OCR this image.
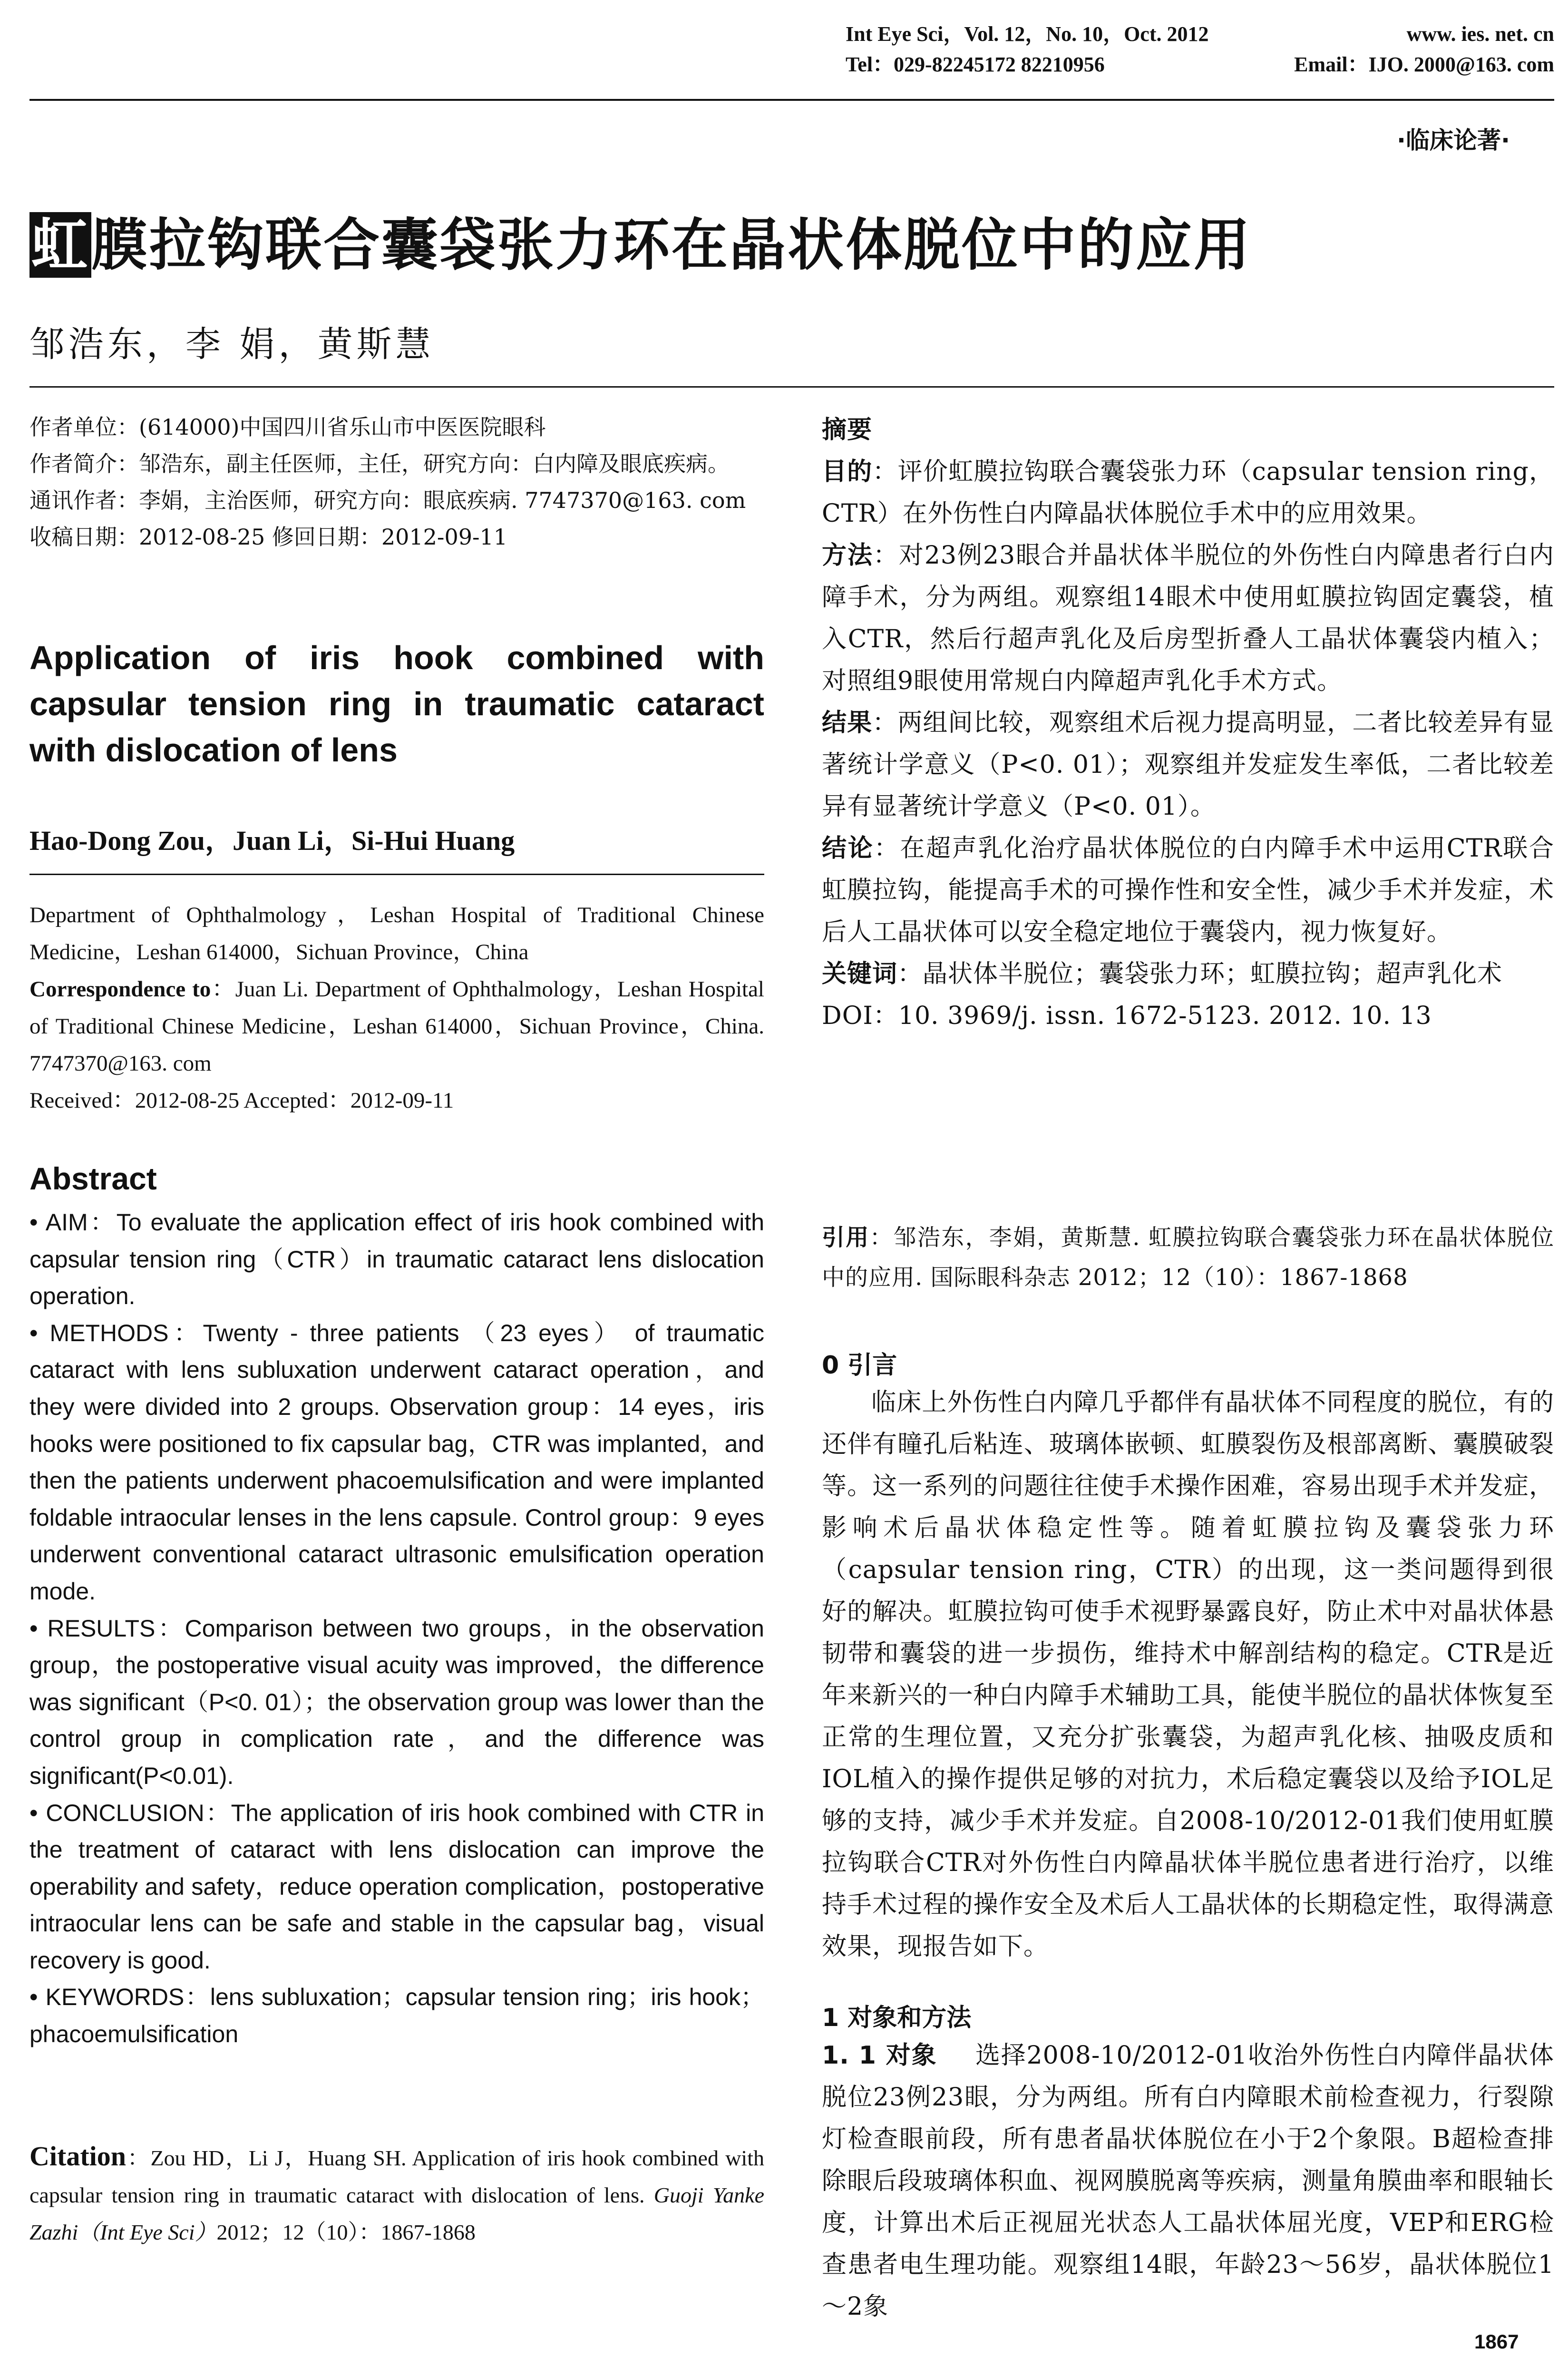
Int Eye Sci，Vol. 12，No. 10，Oct. 2012	www. ies. net. cn
Tel：029-82245172 82210956	Email：IJO. 2000@163. com
·临床论著·
虹膜拉钩联合囊袋张力环在晶状体脱位中的应用
邹浩东，李 娟，黄斯慧

作者单位：(614000)中国四川省乐山市中医医院眼科

作者简介：邹浩东，副主任医师，主任，研究方向：白内障及眼底疾病。

通讯作者：李娟，主治医师，研究方向：眼底疾病. 7747370@163. com

收稿日期：2012-08-25 修回日期：2012-09-11

Application of iris hook combined with capsular tension ring in traumatic cataract with dislocation of lens
Hao-Dong Zou，Juan Li，Si-Hui Huang

Department of Ophthalmology，Leshan Hospital of Traditional Chinese Medicine，Leshan 614000，Sichuan Province，China

Correspondence to：Juan Li. Department of Ophthalmology，Leshan Hospital of Traditional Chinese Medicine，Leshan 614000，Sichuan Province，China. 7747370@163. com

Received：2012-08-25 Accepted：2012-09-11

Abstract

• AIM：To evaluate the application effect of iris hook combined with capsular tension ring（CTR）in traumatic cataract lens dislocation operation.

• METHODS：Twenty - three patients （23 eyes） of traumatic cataract with lens subluxation underwent cataract operation，and they were divided into 2 groups. Observation group：14 eyes，iris hooks were positioned to fix capsular bag，CTR was implanted，and then the patients underwent phacoemulsification and were implanted foldable intraocular lenses in the lens capsule. Control group：9 eyes underwent conventional cataract ultrasonic emulsification operation mode.

• RESULTS：Comparison between two groups，in the observation group，the postoperative visual acuity was improved，the difference was significant（P<0. 01）；the observation group was lower than the control group in complication rate，and the difference was significant(P<0.01).

• CONCLUSION：The application of iris hook combined with CTR in the treatment of cataract with lens dislocation can improve the operability and safety，reduce operation complication，postoperative intraocular lens can be safe and stable in the capsular bag，visual recovery is good.

• KEYWORDS：lens subluxation；capsular tension ring；iris hook；phacoemulsification

Citation：Zou HD，Li J，Huang SH. Application of iris hook combined with capsular tension ring in traumatic cataract with dislocation of lens. Guoji Yanke Zazhi（Int Eye Sci）2012；12（10）：1867-1868

摘要

目的：评价虹膜拉钩联合囊袋张力环（capsular tension ring，CTR）在外伤性白内障晶状体脱位手术中的应用效果。

方法：对23例23眼合并晶状体半脱位的外伤性白内障患者行白内障手术，分为两组。观察组14眼术中使用虹膜拉钩固定囊袋，植入CTR，然后行超声乳化及后房型折叠人工晶状体囊袋内植入；对照组9眼使用常规白内障超声乳化手术方式。

结果：两组间比较，观察组术后视力提高明显，二者比较差异有显著统计学意义（P<0. 01）；观察组并发症发生率低，二者比较差异有显著统计学意义（P<0. 01）。

结论：在超声乳化治疗晶状体脱位的白内障手术中运用CTR联合虹膜拉钩，能提高手术的可操作性和安全性，减少手术并发症，术后人工晶状体可以安全稳定地位于囊袋内，视力恢复好。

关键词：晶状体半脱位；囊袋张力环；虹膜拉钩；超声乳化术

DOI：10. 3969/j. issn. 1672-5123. 2012. 10. 13

引用：邹浩东，李娟，黄斯慧. 虹膜拉钩联合囊袋张力环在晶状体脱位中的应用. 国际眼科杂志 2012；12（10）：1867-1868
0 引言

临床上外伤性白内障几乎都伴有晶状体不同程度的脱位，有的还伴有瞳孔后粘连、玻璃体嵌顿、虹膜裂伤及根部离断、囊膜破裂等。这一系列的问题往往使手术操作困难，容易出现手术并发症，影响术后晶状体稳定性等。随着虹膜拉钩及囊袋张力环（capsular tension ring，CTR）的出现，这一类问题得到很好的解决。虹膜拉钩可使手术视野暴露良好，防止术中对晶状体悬韧带和囊袋的进一步损伤，维持术中解剖结构的稳定。CTR是近年来新兴的一种白内障手术辅助工具，能使半脱位的晶状体恢复至正常的生理位置，又充分扩张囊袋，为超声乳化核、抽吸皮质和IOL植入的操作提供足够的对抗力，术后稳定囊袋以及给予IOL足够的支持，减少手术并发症。自2008-10/2012-01我们使用虹膜拉钩联合CTR对外伤性白内障晶状体半脱位患者进行治疗，以维持手术过程的操作安全及术后人工晶状体的长期稳定性，取得满意效果，现报告如下。

1 对象和方法

1. 1 对象 选择2008-10/2012-01收治外伤性白内障伴晶状体脱位23例23眼，分为两组。所有白内障眼术前检查视力，行裂隙灯检查眼前段，所有患者晶状体脱位在小于2个象限。B超检查排除眼后段玻璃体积血、视网膜脱离等疾病，测量角膜曲率和眼轴长度，计算出术后正视屈光状态人工晶状体屈光度，VEP和ERG检查患者电生理功能。观察组14眼，年龄23～56岁，晶状体脱位1～2象

1867
